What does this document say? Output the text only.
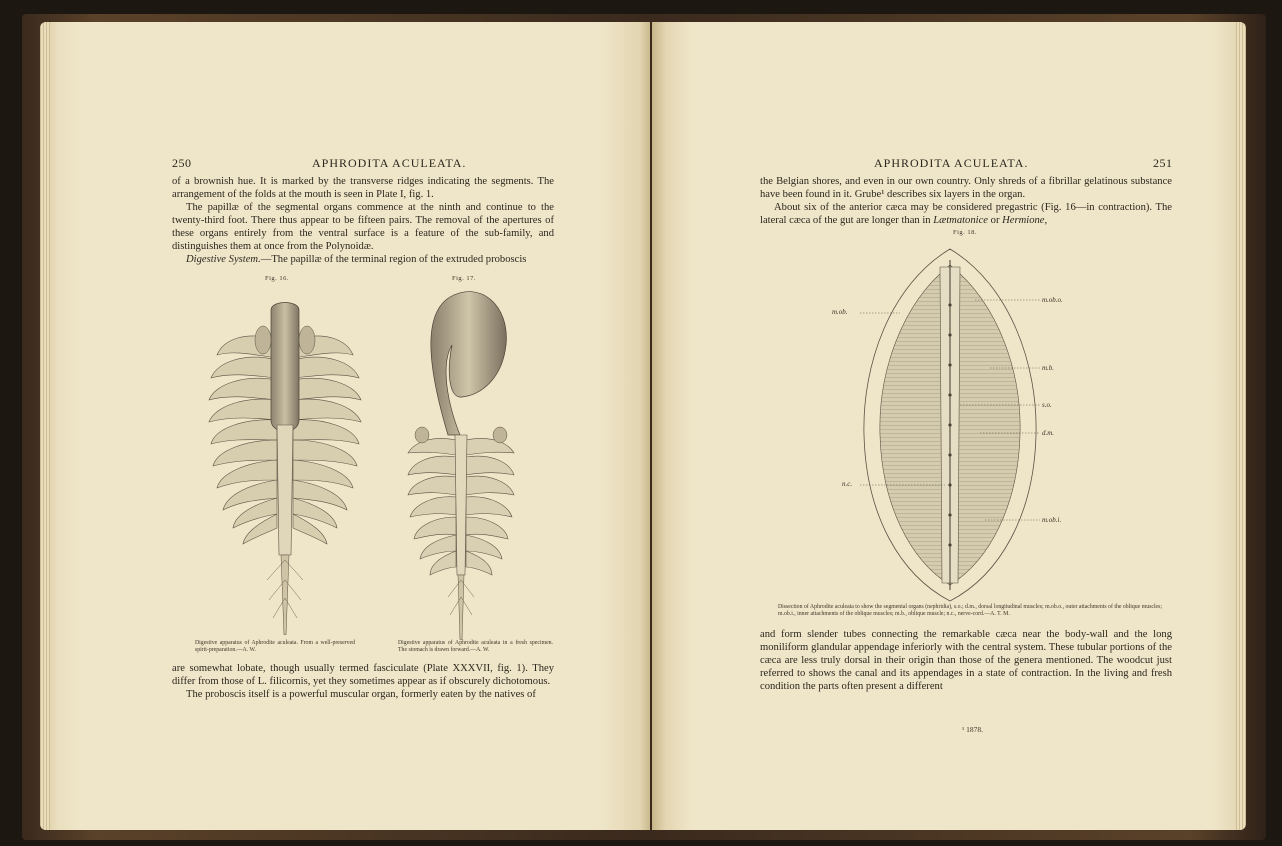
250	APHRODITA ACULEATA.

of a brownish hue. It is marked by the transverse ridges indicating the segments. The arrangement of the folds at the mouth is seen in Plate I, fig. 1.

The papillæ of the segmental organs commence at the ninth and continue to the twenty-third foot. There thus appear to be fifteen pairs. The removal of the apertures of these organs entirely from the ventral surface is a feature of the sub-family, and distinguishes them at once from the Polynoidæ.

Digestive System.—The papillæ of the terminal region of the extruded proboscis

Fig. 16.	Fig. 17.
Digestive apparatus of Aphrodite aculeata. From a well-preserved spirit-preparation.—A. W.
Digestive apparatus of Aphrodite aculeata in a fresh specimen. The stomach is drawn forward.—A. W.

are somewhat lobate, though usually termed fasciculate (Plate XXXVII, fig. 1). They differ from those of L. filicornis, yet they sometimes appear as if obscurely dichotomous.

The proboscis itself is a powerful muscular organ, formerly eaten by the natives of

APHRODITA ACULEATA.	251

the Belgian shores, and even in our own country. Only shreds of a fibrillar gelatinous substance have been found in it. Grube¹ describes six layers in the organ.

About six of the anterior cæca may be considered pregastric (Fig. 16—in contraction). The lateral cæca of the gut are longer than in Lætmatonice or Hermione,

Fig. 18.
m.ob.
m.ob.o.
m.b.
s.o.
d.m.
n.c.
m.ob.i.
Dissection of Aphrodite aculeata to show the segmental organs (nephridia), s.o.; d.m., dorsal longitudinal muscles; m.ob.o., outer attachments of the oblique muscles; m.ob.i., inner attachments of the oblique muscles; m.b., oblique muscle; n.c., nerve-cord.—A. T. M.

and form slender tubes connecting the remarkable cæca near the body-wall and the long moniliform glandular appendage inferiorly with the central system. These tubular portions of the cæca are less truly dorsal in their origin than those of the genera mentioned. The woodcut just referred to shows the canal and its appendages in a state of contraction. In the living and fresh condition the parts often present a different

¹ 1878.
